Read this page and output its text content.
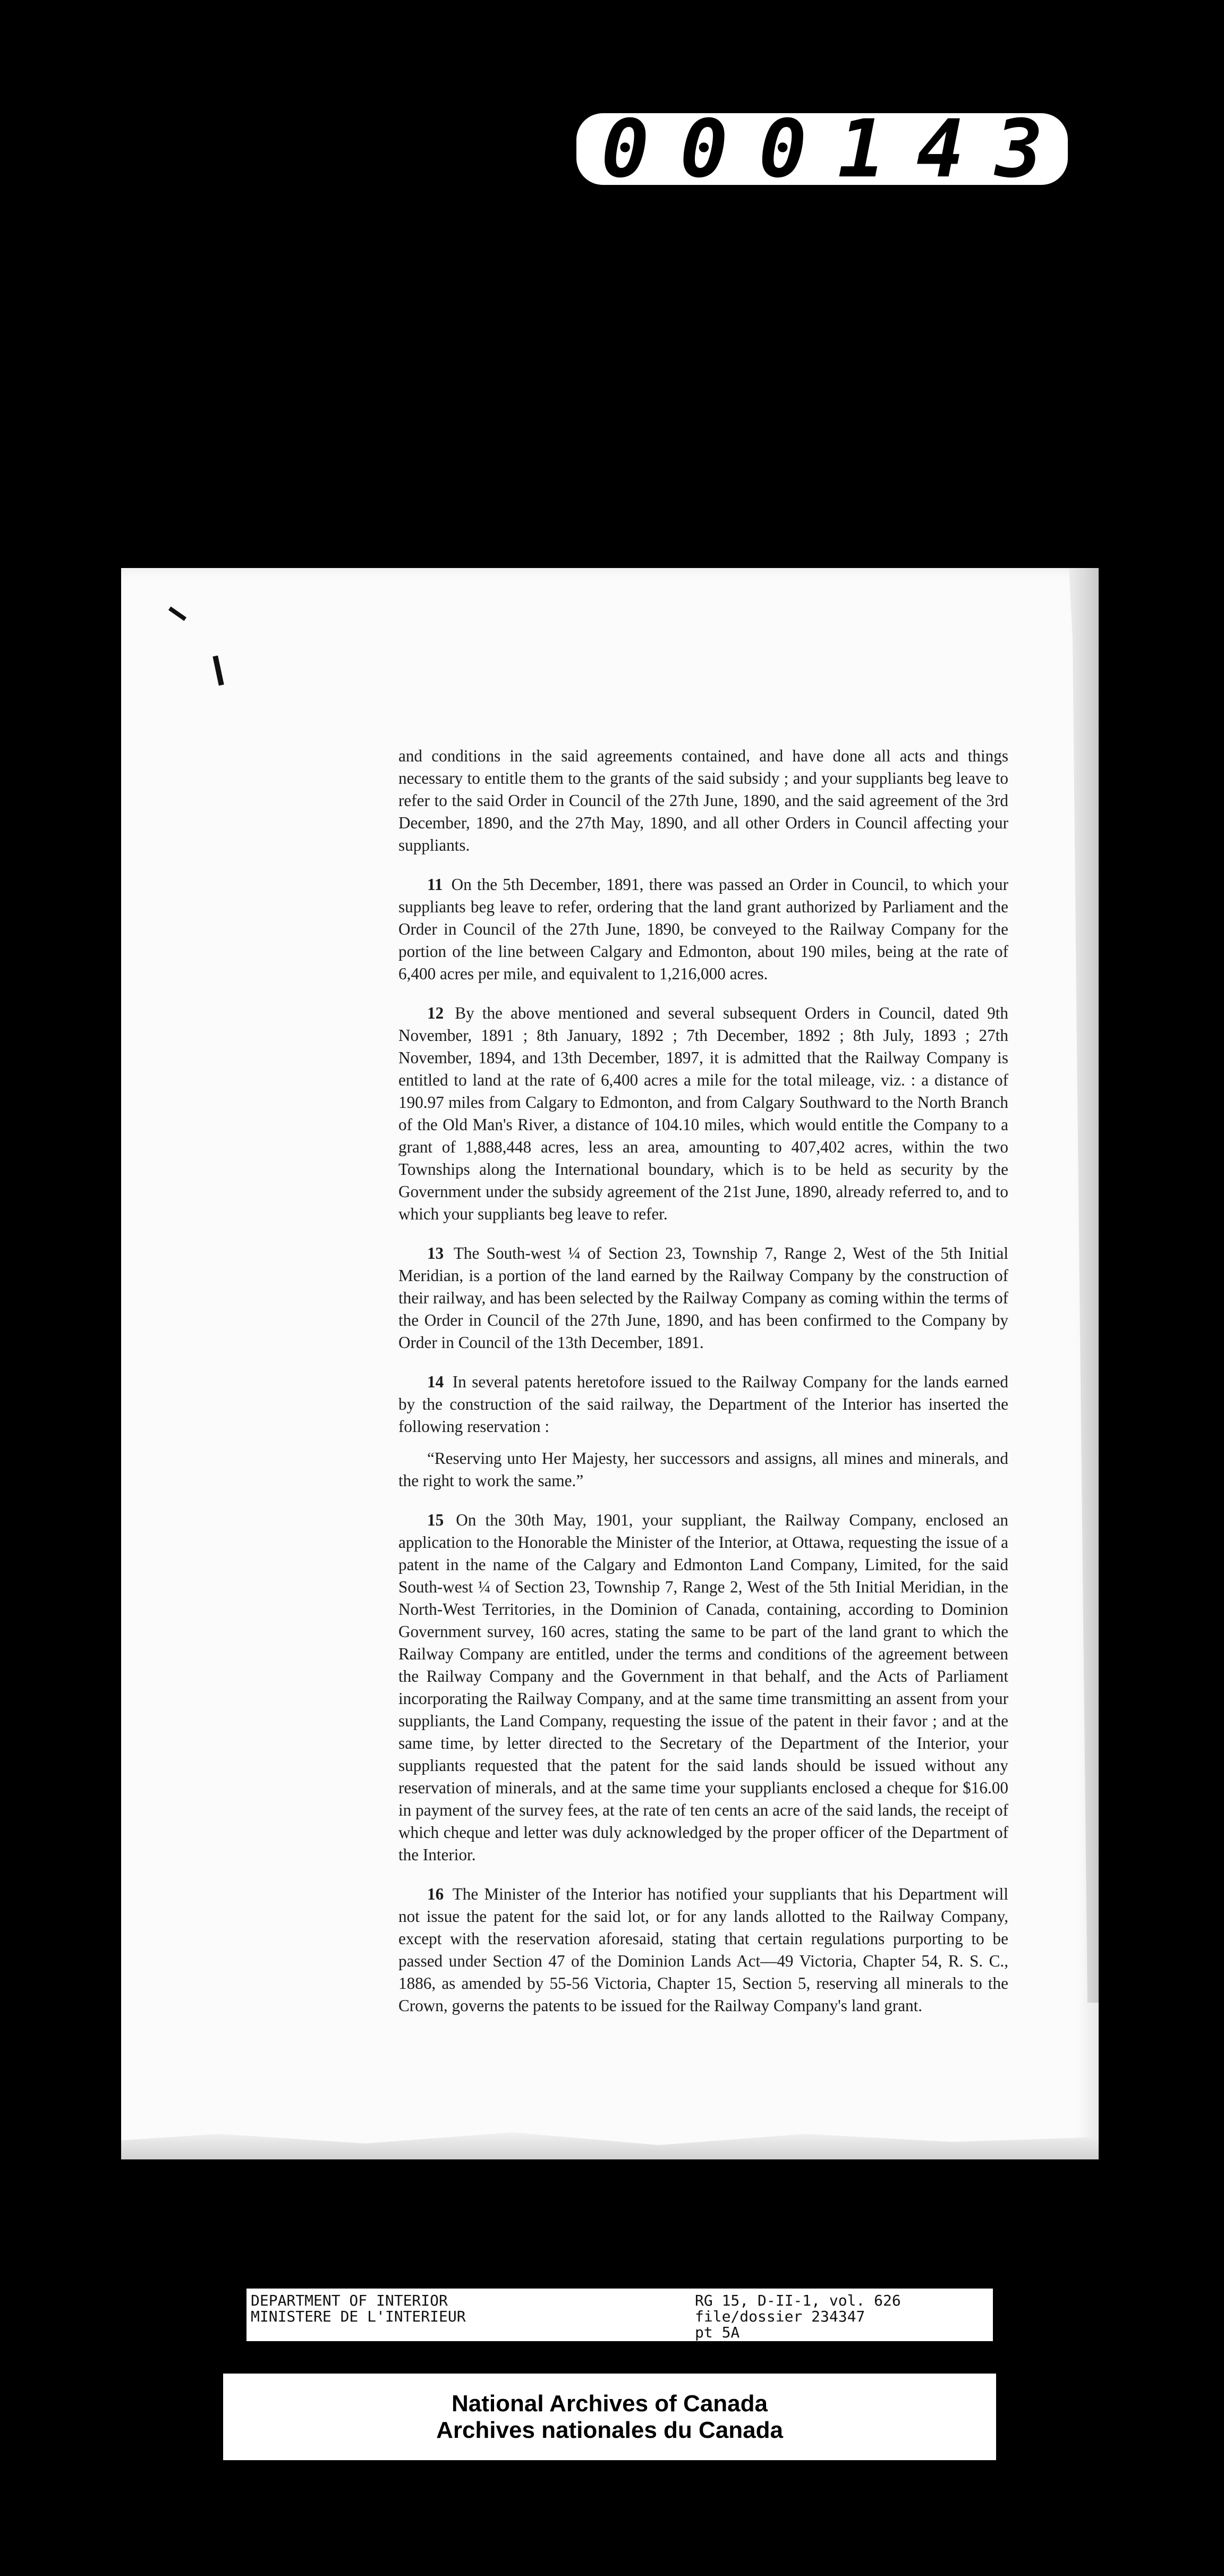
000143

and conditions in the said agreements contained, and have done all acts and things necessary to entitle them to the grants of the said subsidy ; and your suppliants beg leave to refer to the said Order in Council of the 27th June, 1890, and the said agreement of the 3rd December, 1890, and the 27th May, 1890, and all other Orders in Council affecting your suppliants.

11 On the 5th December, 1891, there was passed an Order in Council, to which your suppliants beg leave to refer, ordering that the land grant authorized by Parliament and the Order in Council of the 27th June, 1890, be conveyed to the Railway Company for the portion of the line between Calgary and Edmonton, about 190 miles, being at the rate of 6,400 acres per mile, and equivalent to 1,216,000 acres.

12 By the above mentioned and several subsequent Orders in Council, dated 9th November, 1891 ; 8th January, 1892 ; 7th December, 1892 ; 8th July, 1893 ; 27th November, 1894, and 13th December, 1897, it is admitted that the Railway Company is entitled to land at the rate of 6,400 acres a mile for the total mileage, viz. : a distance of 190.97 miles from Calgary to Edmonton, and from Calgary Southward to the North Branch of the Old Man's River, a distance of 104.10 miles, which would entitle the Company to a grant of 1,888,448 acres, less an area, amounting to 407,402 acres, within the two Townships along the International boundary, which is to be held as security by the Government under the subsidy agreement of the 21st June, 1890, already referred to, and to which your suppliants beg leave to refer.

13 The South-west ¼ of Section 23, Township 7, Range 2, West of the 5th Initial Meridian, is a portion of the land earned by the Railway Company by the construction of their railway, and has been selected by the Railway Company as coming within the terms of the Order in Council of the 27th June, 1890, and has been confirmed to the Company by Order in Council of the 13th December, 1891.

14 In several patents heretofore issued to the Railway Company for the lands earned by the construction of the said railway, the Department of the Interior has inserted the following reservation :

“Reserving unto Her Majesty, her successors and assigns, all mines and minerals, and the right to work the same.”

15 On the 30th May, 1901, your suppliant, the Railway Company, enclosed an application to the Honorable the Minister of the Interior, at Ottawa, requesting the issue of a patent in the name of the Calgary and Edmonton Land Company, Limited, for the said South-west ¼ of Section 23, Township 7, Range 2, West of the 5th Initial Meridian, in the North-West Territories, in the Dominion of Canada, containing, according to Dominion Government survey, 160 acres, stating the same to be part of the land grant to which the Railway Company are entitled, under the terms and conditions of the agreement between the Railway Company and the Government in that behalf, and the Acts of Parliament incorporating the Railway Company, and at the same time transmitting an assent from your suppliants, the Land Company, requesting the issue of the patent in their favor ; and at the same time, by letter directed to the Secretary of the Department of the Interior, your suppliants requested that the patent for the said lands should be issued without any reservation of minerals, and at the same time your suppliants enclosed a cheque for $16.00 in payment of the survey fees, at the rate of ten cents an acre of the said lands, the receipt of which cheque and letter was duly acknowledged by the proper officer of the Department of the Interior.

16 The Minister of the Interior has notified your suppliants that his Department will not issue the patent for the said lot, or for any lands allotted to the Railway Company, except with the reservation aforesaid, stating that certain regulations purporting to be passed under Section 47 of the Dominion Lands Act—49 Victoria, Chapter 54, R. S. C., 1886, as amended by 55-56 Victoria, Chapter 15, Section 5, reserving all minerals to the Crown, governs the patents to be issued for the Railway Company's land grant.

DEPARTMENT OF INTERIOR
MINISTERE DE L'INTERIEUR
RG 15, D-II-1, vol. 626
file/dossier 234347
pt 5A
National Archives of Canada
Archives nationales du Canada
